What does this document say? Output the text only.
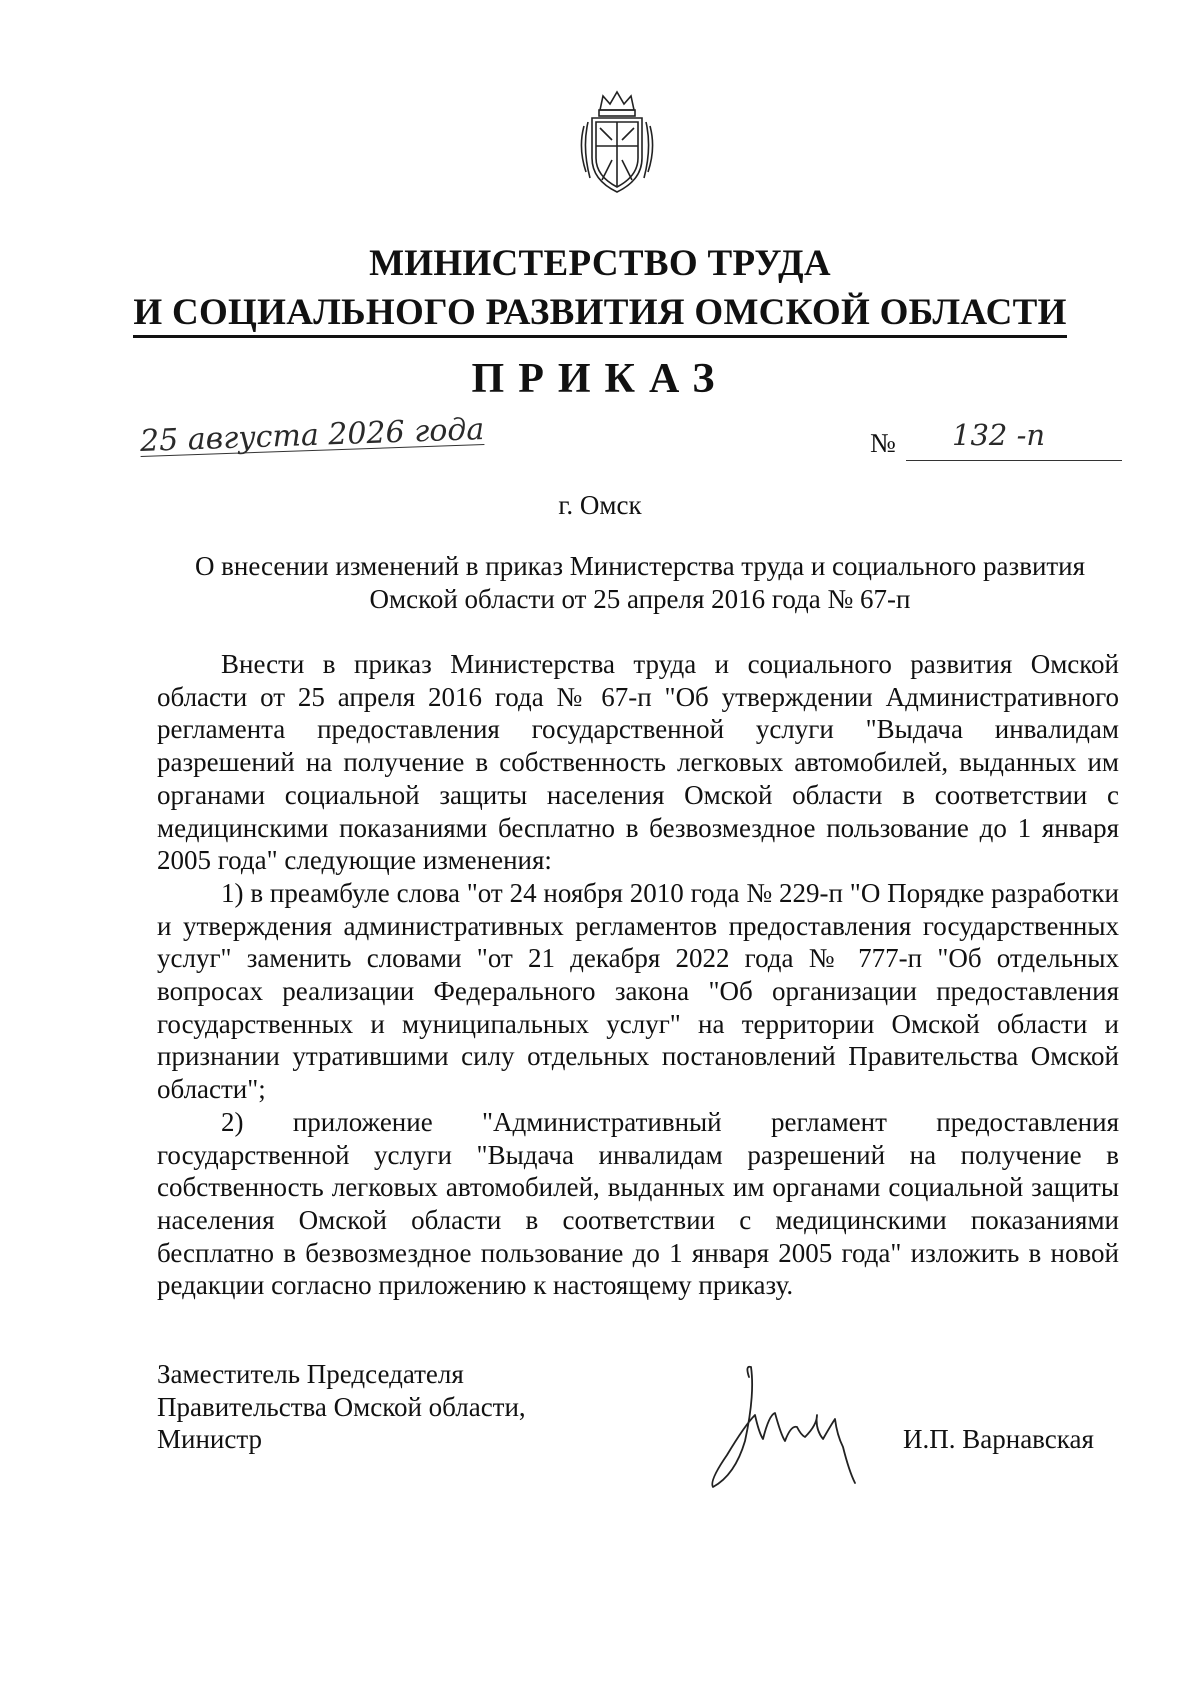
МИНИСТЕРСТВО ТРУДА
И СОЦИАЛЬНОГО РАЗВИТИЯ ОМСКОЙ ОБЛАСТИ
ПРИКАЗ
25 августа 2026 года	№ 132 -п
г. Омск
О внесении изменений в приказ Министерства труда и социального развития
Омской области от 25 апреля 2016 года № 67-п

Внести в приказ Министерства труда и социального развития Омской области от 25 апреля 2016 года № 67-п "Об утверждении Административного регламента предоставления государственной услуги "Выдача инвалидам разрешений на получение в собственность легковых автомобилей, выданных им органами социальной защиты населения Омской области в соответствии с медицинскими показаниями бесплатно в безвозмездное пользование до 1 января 2005 года" следующие изменения:

1) в преамбуле слова "от 24 ноября 2010 года № 229-п "О Порядке разработки и утверждения административных регламентов предоставления государственных услуг" заменить словами "от 21 декабря 2022 года № 777-п "Об отдельных вопросах реализации Федерального закона "Об организации предоставления государственных и муниципальных услуг" на территории Омской области и признании утратившими силу отдельных постановлений Правительства Омской области";

2) приложение "Административный регламент предоставления государственной услуги "Выдача инвалидам разрешений на получение в собственность легковых автомобилей, выданных им органами социальной защиты населения Омской области в соответствии с медицинскими показаниями бесплатно в безвозмездное пользование до 1 января 2005 года" изложить в новой редакции согласно приложению к настоящему приказу.

Заместитель Председателя
Правительства Омской области,
Министр	И.П. Варнавская
